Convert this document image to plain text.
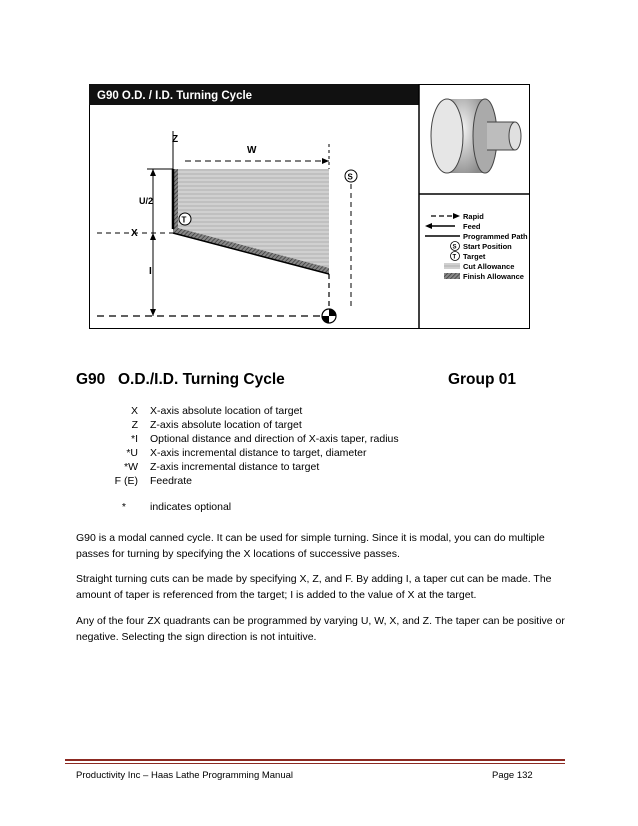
G90 O.D. / I.D. Turning Cycle
W
Z
U/2
X
I
T
S
Rapid
Feed
Programmed Path
S Start Position
T Target
Cut Allowance
Finish Allowance
G90 O.D./I.D. Turning Cycle	Group 01
X X-axis absolute location of target
Z Z-axis absolute location of target
*I Optional distance and direction of X-axis taper, radius
*U X-axis incremental distance to target, diameter
*W Z-axis incremental distance to target
F (E) Feedrate
* indicates optional
G90 is a modal canned cycle. It can be used for simple turning. Since it is modal, you can do multiple passes for turning by specifying the X locations of successive passes.
Straight turning cuts can be made by specifying X, Z, and F. By adding I, a taper cut can be made. The amount of taper is referenced from the target; I is added to the value of X at the target.
Any of the four ZX quadrants can be programmed by varying U, W, X, and Z. The taper can be positive or negative. Selecting the sign direction is not intuitive.
Productivity Inc – Haas Lathe Programming Manual	Page 132
